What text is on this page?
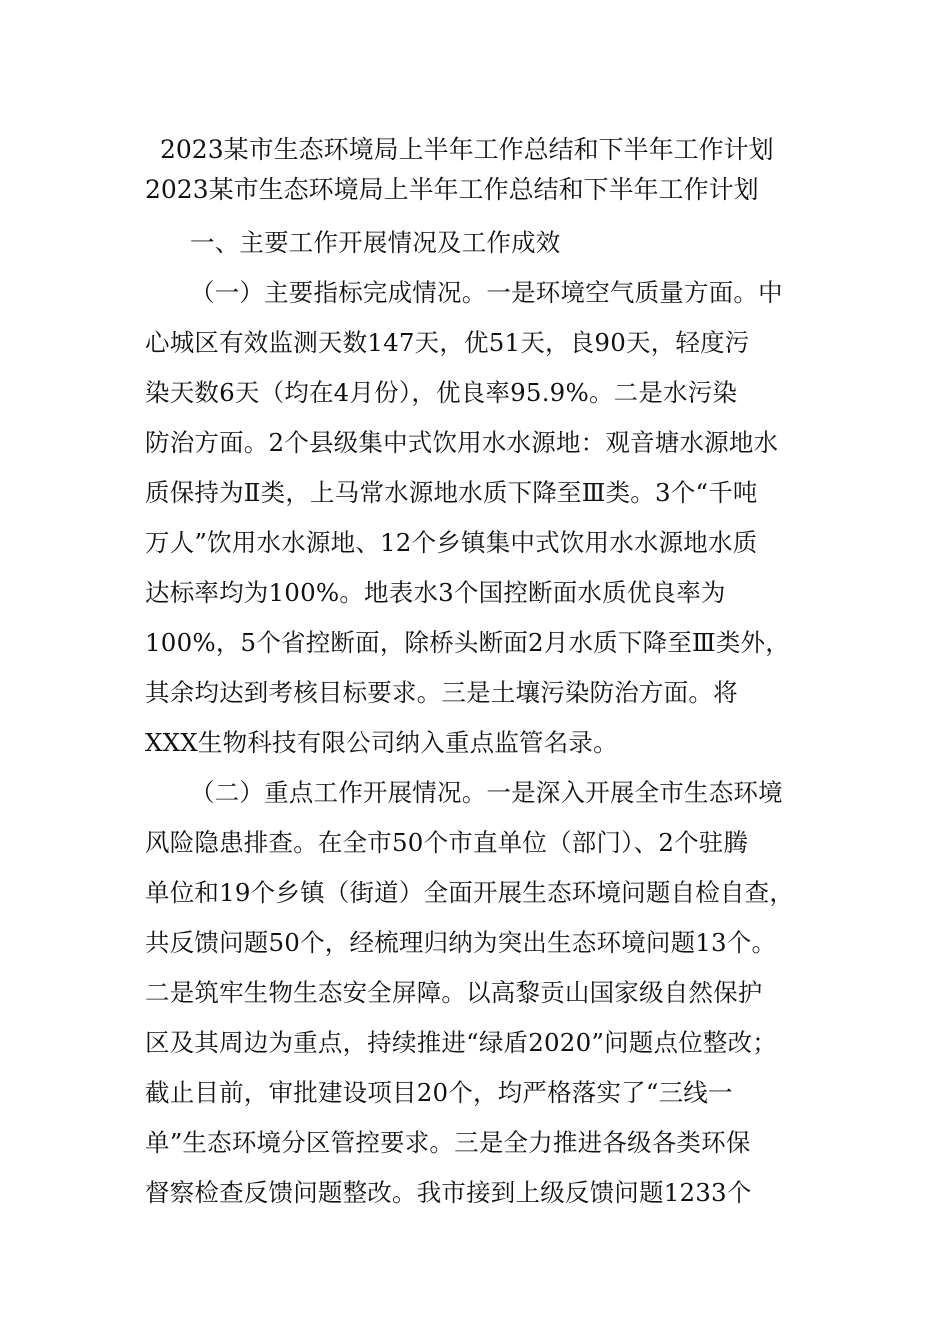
2023某市生态环境局上半年工作总结和下半年工作计划
2023某市生态环境局上半年工作总结和下半年工作计划
一、主要工作开展情况及工作成效
（一）主要指标完成情况。一是环境空气质量方面。中
心城区有效监测天数147天，优51天，良90天，轻度污
染天数6天（均在4月份），优良率95.9%。二是水污染
防治方面。2个县级集中式饮用水水源地：观音塘水源地水
质保持为Ⅱ类，上马常水源地水质下降至Ⅲ类。3个“千吨
万人”饮用水水源地、12个乡镇集中式饮用水水源地水质
达标率均为100%。地表水3个国控断面水质优良率为
100%，5个省控断面，除桥头断面2月水质下降至Ⅲ类外，
其余均达到考核目标要求。三是土壤污染防治方面。将
XXX生物科技有限公司纳入重点监管名录。
（二）重点工作开展情况。一是深入开展全市生态环境
风险隐患排查。在全市50个市直单位（部门）、2个驻腾
单位和19个乡镇（街道）全面开展生态环境问题自检自查，
共反馈问题50个，经梳理归纳为突出生态环境问题13个。
二是筑牢生物生态安全屏障。以高黎贡山国家级自然保护
区及其周边为重点，持续推进“绿盾2020”问题点位整改；
截止目前，审批建设项目20个，均严格落实了“三线一
单”生态环境分区管控要求。三是全力推进各级各类环保
督察检查反馈问题整改。我市接到上级反馈问题1233个
